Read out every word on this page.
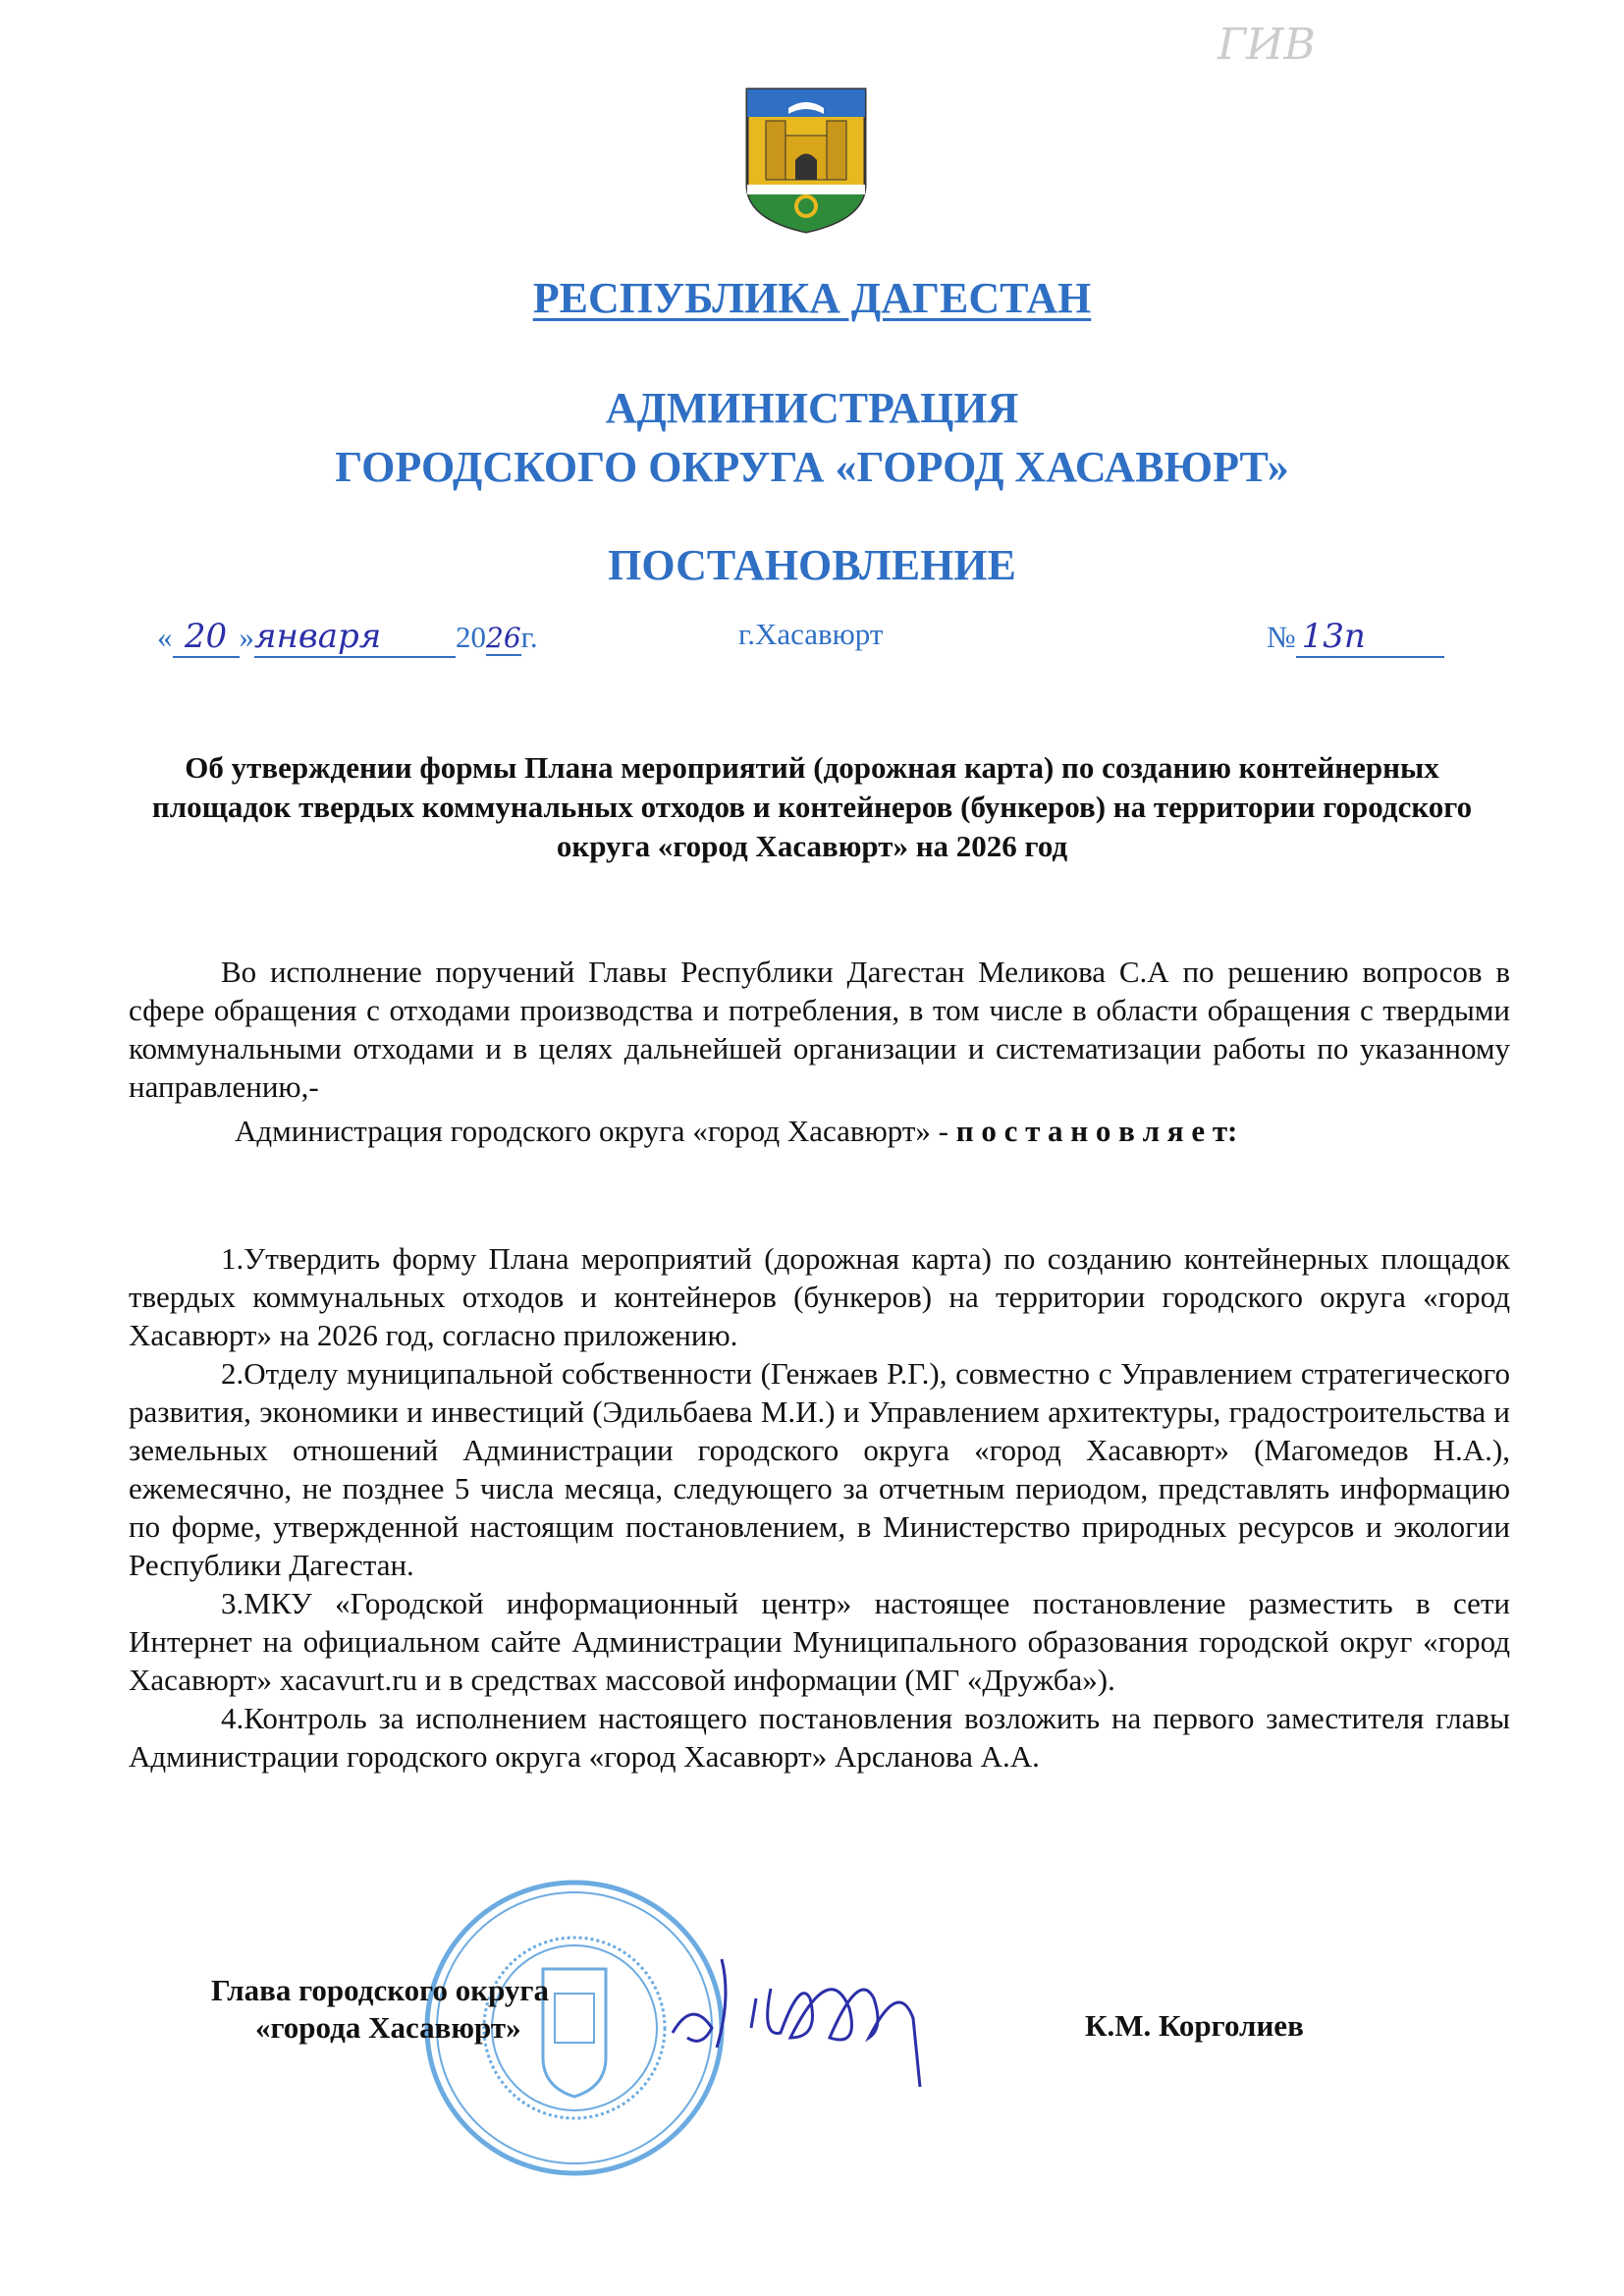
ГИВ
РЕСПУБЛИКА ДАГЕСТАН
АДМИНИСТРАЦИЯ
ГОРОДСКОГО ОКРУГА «ГОРОД ХАСАВЮРТ»
ПОСТАНОВЛЕНИЕ
« 20 »января 2026г.	г.Хасавюрт	№ 13п
Об утверждении формы Плана мероприятий (дорожная карта) по созданию контейнерных площадок твердых коммунальных отходов и контейнеров (бункеров) на территории городского округа «город Хасавюрт» на 2026 год

Во исполнение поручений Главы Республики Дагестан Меликова С.А по решению вопросов в сфере обращения с отходами производства и потребления, в том числе в области обращения с твердыми коммунальными отходами и в целях дальнейшей организации и систематизации работы по указанному направлению,-

Администрация городского округа «город Хасавюрт» - п о с т а н о в л я е т:

1.Утвердить форму Плана мероприятий (дорожная карта) по созданию контейнерных площадок твердых коммунальных отходов и контейнеров (бункеров) на территории городского округа «город Хасавюрт» на 2026 год, согласно приложению.

2.Отделу муниципальной собственности (Генжаев Р.Г.), совместно с Управлением стратегического развития, экономики и инвестиций (Эдильбаева М.И.) и Управлением архитектуры, градостроительства и земельных отношений Администрации городского округа «город Хасавюрт» (Магомедов Н.А.), ежемесячно, не позднее 5 числа месяца, следующего за отчетным периодом, представлять информацию по форме, утвержденной настоящим постановлением, в Министерство природных ресурсов и экологии Республики Дагестан.

3.МКУ «Городской информационный центр» настоящее постановление разместить в сети Интернет на официальном сайте Администрации Муниципального образования городской округ «город Хасавюрт» xacavurt.ru и в средствах массовой информации (МГ «Дружба»).

4.Контроль за исполнением настоящего постановления возложить на первого заместителя главы Администрации городского округа «город Хасавюрт» Арсланова А.А.

Глава городского округа
«города Хасавюрт»	К.М. Корголиев
